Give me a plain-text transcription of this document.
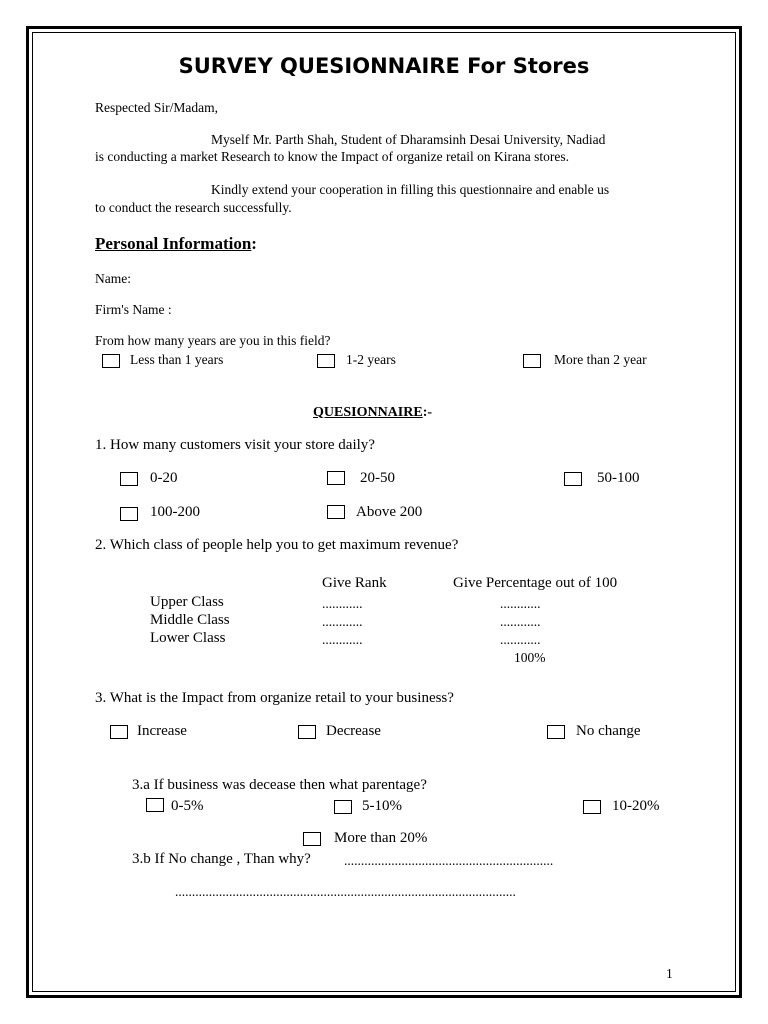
SURVEY QUESIONNAIRE For Stores
Respected Sir/Madam,
Myself Mr. Parth Shah, Student of Dharamsinh Desai University, Nadiad
is conducting a market Research to know the Impact of organize retail on Kirana stores.
Kindly extend your cooperation in filling this questionnaire and enable us
to conduct the research successfully.
Personal Information:
Name:
Firm's Name :
From how many years are you in this field?
Less than 1 years	1-2 years	More than 2 year
QUESIONNAIRE:-
1. How many customers visit your store daily?
0-20	20-50	50-100
100-200	Above 200
2. Which class of people help you to get maximum revenue?
Give Rank	Give Percentage out of 100
Upper Class	............	............
Middle Class	............	............
Lower Class	............	............
100%
3. What is the Impact from organize retail to your business?
Increase	Decrease	No change
3.a If business was decease then what parentage?
0-5%	5-10%	10-20%
More than 20%
3.b If No change , Than why? ..............................................................
.....................................................................................................
1
